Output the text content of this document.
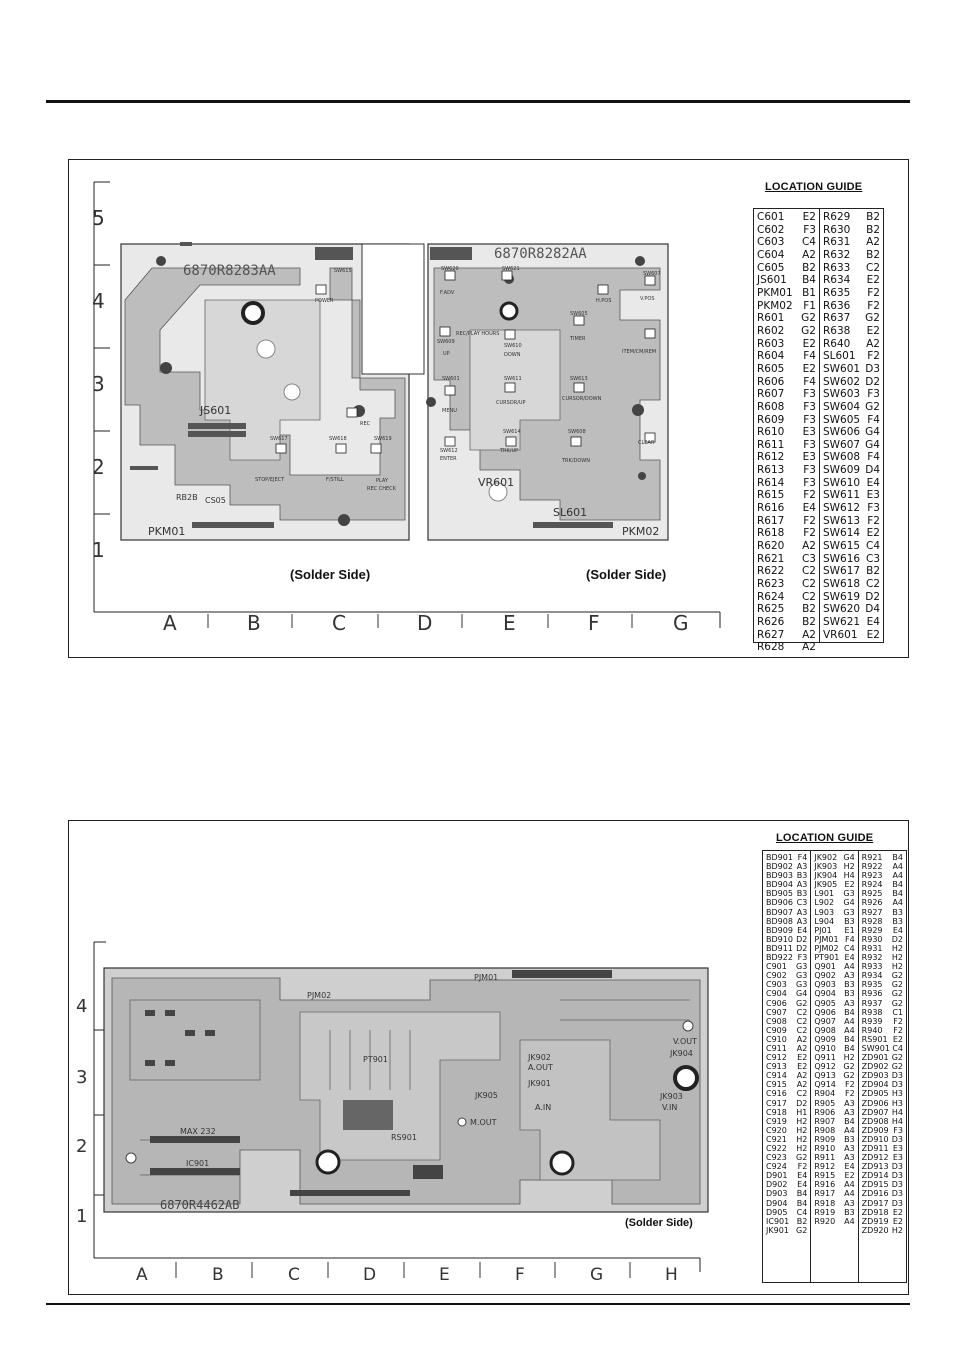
5
4
3
2
1
A	B	C	D	E	F	G
6870R8283AA
JS601
PKM01
CS05
RB2B
SW615
POWER
SW617
STOP/EJECT
SW618
F/STILL
SW619
PLAY
REC CHECK
REC
(Solder Side)
6870R8282AA
PKM02
SL601
VR601
SW620
F.ADV
SW621
SW607
V.POS
H.POS
SW609
REC/PLAY HOURS
UP
SW610
DOWN
SW605
TIMER
ITEM/CM/REM
SW601
MENU
SW611
CURSOR/UP
SW613
CURSOR/DOWN
SW612
ENTER
SW614
TRK/UP
SW608
TRK/DOWN
CLEAR
(Solder Side)
LOCATION GUIDE
C601 E2
C602 F3
C603 C4
C604 A2
C605 B2
JS601 B4
PKM01 B1
PKM02 F1
R601 G2
R602 G2
R603 E2
R604 F4
R605 E2
R606 F4
R607 F3
R608 F3
R609 F3
R610 E3
R611 F3
R612 E3
R613 F3
R614 F3
R615 F2
R616 E4
R617 F2
R618 F2
R620 A2
R621 C3
R622 C2
R623 C2
R624 C2
R625 B2
R626 B2
R627 A2
R628 A2
R629 B2
R630 B2
R631 A2
R632 B2
R633 C2
R634 E2
R635 F2
R636 F2
R637 G2
R638 E2
R640 A2
SL601 F2
SW601 D3
SW602 D2
SW603 F3
SW604 G2
SW605 F4
SW606 G4
SW607 G4
SW608 F4
SW609 D4
SW610 E4
SW611 E3
SW612 F3
SW613 F2
SW614 E2
SW615 C4
SW616 C3
SW617 B2
SW618 C2
SW619 D2
SW620 D4
SW621 E4
VR601 E2
4
3
2
1
A	B	C	D	E	F	G	H
6870R4462AB
PJM01
PJM02
PT901
RS901
JK902
A.OUT
JK901
A.IN
JK903
V.IN
JK904
V.OUT
JK905
IC901
MAX 232
M.OUT
(Solder Side)
LOCATION GUIDE
BD901 F4
BD902 A3
BD903 B3
BD904 A3
BD905 B3
BD906 C3
BD907 A3
BD908 A3
BD909 E4
BD910 D2
BD911 D2
BD922 F3
C901 G3
C902 G3
C903 G3
C904 G4
C906 G2
C907 C2
C908 C2
C909 C2
C910 A2
C911 A2
C912 E2
C913 E2
C914 A2
C915 A2
C916 C2
C917 D2
C918 H1
C919 H2
C920 H2
C921 H2
C922 H2
C923 G2
C924 F2
D901 E4
D902 E4
D903 B4
D904 B4
D905 C4
IC901 B2
JK901 G2
JK902 G4
JK903 H2
JK904 H4
JK905 E2
L901 G3
L902 G4
L903 G3
L904 B3
PJ01 E1
PJM01 F4
PJM02 C4
PT901 E4
Q901 A4
Q902 A3
Q903 B3
Q904 B3
Q905 A3
Q906 B4
Q907 A4
Q908 A4
Q909 B4
Q910 B4
Q911 H2
Q912 G2
Q913 G2
Q914 F2
R904 F2
R905 A3
R906 A3
R907 B4
R908 A4
R909 B3
R910 A3
R911 A3
R912 E4
R915 E2
R916 A4
R917 A4
R918 A3
R919 B3
R920 A4
R921 B4
R922 A4
R923 A4
R924 B4
R925 B4
R926 A4
R927 B3
R928 B3
R929 E4
R930 D2
R931 H2
R932 H2
R933 H2
R934 G2
R935 G2
R936 G2
R937 G2
R938 C1
R939 F2
R940 F2
RS901 E2
SW901 C4
ZD901 G2
ZD902 G2
ZD903 D3
ZD904 D3
ZD905 H3
ZD906 H3
ZD907 H4
ZD908 H4
ZD909 F3
ZD910 D3
ZD911 E3
ZD912 E3
ZD913 D3
ZD914 D3
ZD915 D3
ZD916 D3
ZD917 D3
ZD918 E2
ZD919 E2
ZD920 H2
